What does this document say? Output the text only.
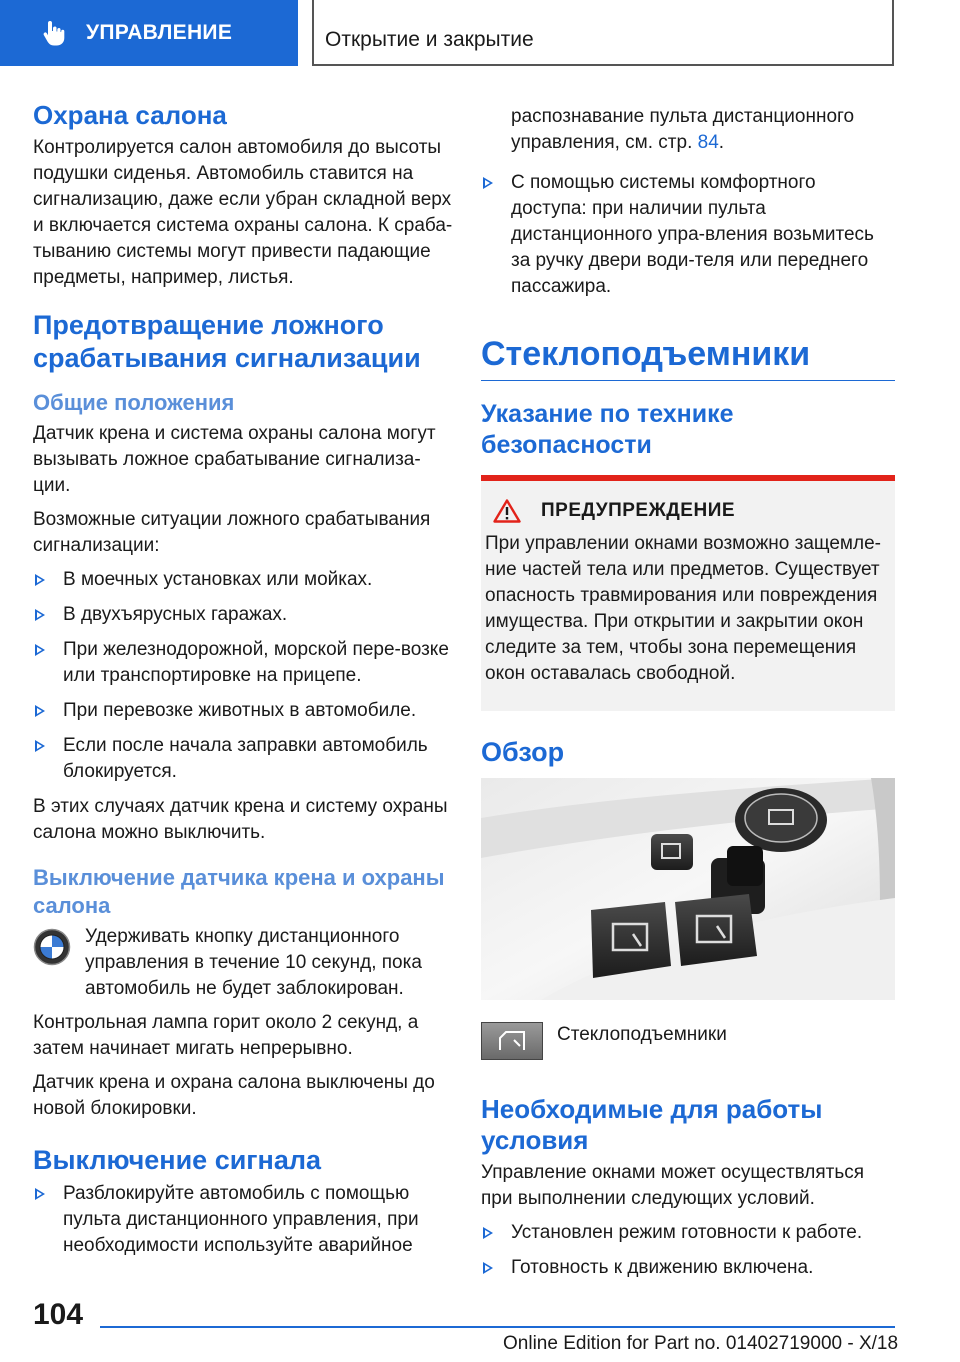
УПРАВЛЕНИЕ	Открытие и закрытие
Охрана салона

Контролируется салон автомобиля до высоты подушки сиденья. Автомобиль ставится на сигнализацию, даже если убран складной верх и включается система охраны салона. К сраба-тыванию системы могут привести падающие предметы, например, листья.

Предотвращение ложного срабатывания сигнализации
Общие положения

Датчик крена и система охраны салона могут вызывать ложное срабатывание сигнализа-ции.

Возможные ситуации ложного срабатывания сигнализации:

В моечных установках или мойках.
В двухъярусных гаражах.
При железнодорожной, морской пере-возке или транспортировке на прицепе.
При перевозке животных в автомобиле.
Если после начала заправки автомобиль блокируется.

В этих случаях датчик крена и систему охраны салона можно выключить.

Выключение датчика крена и охраны салона
Удерживать кнопку дистанционного управления в течение 10 секунд, пока автомобиль не будет заблокирован.

Контрольная лампа горит около 2 секунд, а затем начинает мигать непрерывно.

Датчик крена и охрана салона выключены до новой блокировки.

Выключение сигнала
Разблокируйте автомобиль с помощью пульта дистанционного управления, при необходимости используйте аварийное

распознавание пульта дистанционного управления, см. стр. 84.

С помощью системы комфортного доступа: при наличии пульта дистанционного упра-вления возьмитесь за ручку двери води-теля или переднего пассажира.
Стеклоподъемники
Указание по технике безопасности
ПРЕДУПРЕЖДЕНИЕ

При управлении окнами возможно защемле-ние частей тела или предметов. Существует опасность травмирования или повреждения имущества. При открытии и закрытии окон следите за тем, чтобы зона перемещения окон оставалась свободной.

Обзор
Стеклоподъемники
Необходимые для работы условия

Управление окнами может осуществляться при выполнении следующих условий.

Установлен режим готовности к работе.
Готовность к движению включена.
104
Online Edition for Part no. 01402719000 - X/18
